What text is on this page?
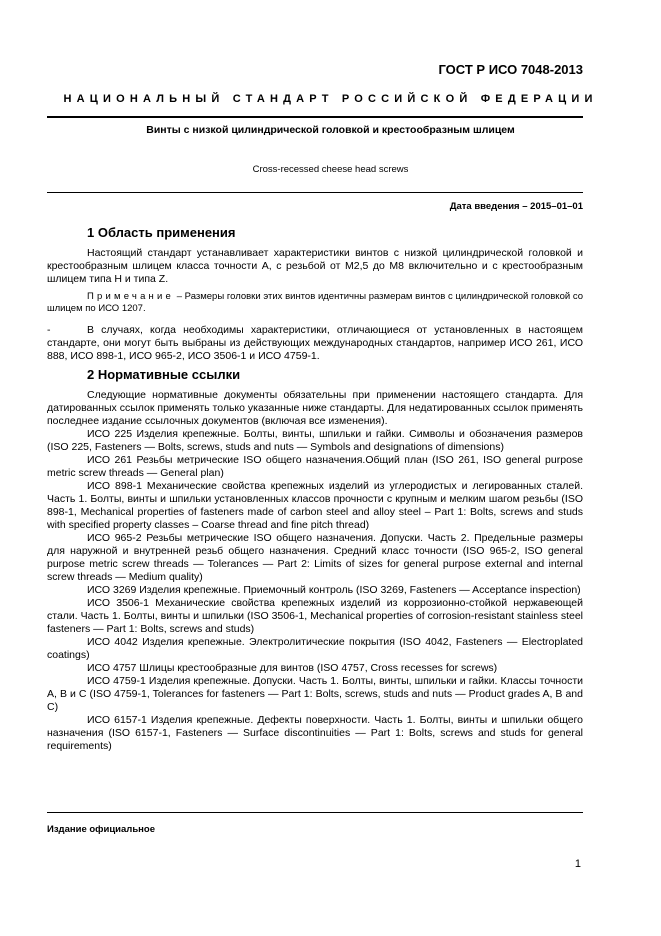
ГОСТ Р ИСО 7048-2013
НАЦИОНАЛЬНЫЙ СТАНДАРТ РОССИЙСКОЙ ФЕДЕРАЦИИ
Винты с низкой цилиндрической головкой и крестообразным шлицем
Cross-recessed cheese head screws
Дата введения – 2015–01–01
1 Область применения

Настоящий стандарт устанавливает характеристики винтов с низкой цилиндрической головкой и крестообразным шлицем класса точности А, с резьбой от М2,5 до М8 включительно и с крестообразным шлицем типа H и типа Z.

Примечание – Размеры головки этих винтов идентичны размерам винтов с цилиндрической головкой со шлицем по ИСО 1207.

-	В случаях, когда необходимы характеристики, отличающиеся от установленных в настоящем стандарте, они могут быть выбраны из действующих международных стандартов, например ИСО 261, ИСО 888, ИСО 898-1, ИСО 965-2, ИСО 3506-1 и ИСО 4759-1.

2 Нормативные ссылки

Следующие нормативные документы обязательны при применении настоящего стандарта. Для датированных ссылок применять только указанные ниже стандарты. Для недатированных ссылок применять последнее издание ссылочных документов (включая все изменения).

ИСО 225 Изделия крепежные. Болты, винты, шпильки и гайки. Символы и обозначения размеров (ISO 225, Fasteners — Bolts, screws, studs and nuts — Symbols and designations of dimensions)

ИСО 261 Резьбы метрические ISO общего назначения.Общий план (ISO 261, ISO general purpose metric screw threads — General plan)

ИСО 898-1 Механические свойства крепежных изделий из углеродистых и легированных сталей. Часть 1. Болты, винты и шпильки установленных классов прочности с крупным и мелким шагом резьбы (ISO 898-1, Mechanical properties of fasteners made of carbon steel and alloy steel – Part 1: Bolts, screws and studs with specified property classes – Coarse thread and fine pitch thread)

ИСО 965-2 Резьбы метрические ISO общего назначения. Допуски. Часть 2. Предельные размеры для наружной и внутренней резьб общего назначения. Средний класс точности (ISO 965-2, ISO general purpose metric screw threads — Tolerances — Part 2: Limits of sizes for general purpose external and internal screw threads — Medium quality)

ИСО 3269 Изделия крепежные. Приемочный контроль (ISO 3269, Fasteners — Acceptance inspection)

ИСО 3506-1 Механические свойства крепежных изделий из коррозионно-стойкой нержавеющей стали. Часть 1. Болты, винты и шпильки (ISO 3506-1, Mechanical properties of corrosion-resistant stainless steel fasteners — Part 1: Bolts, screws and studs)

ИСО 4042 Изделия крепежные. Электролитические покрытия (ISO 4042, Fasteners — Electroplated coatings)

ИСО 4757 Шлицы крестообразные для винтов (ISO 4757, Cross recesses for screws)

ИСО 4759-1 Изделия крепежные. Допуски. Часть 1. Болты, винты, шпильки и гайки. Классы точности A, B и C (ISO 4759-1, Tolerances for fasteners — Part 1: Bolts, screws, studs and nuts — Product grades A, B and C)

ИСО 6157-1 Изделия крепежные. Дефекты поверхности. Часть 1. Болты, винты и шпильки общего назначения (ISO 6157-1, Fasteners — Surface discontinuities — Part 1: Bolts, screws and studs for general requirements)

Издание официальное
1
